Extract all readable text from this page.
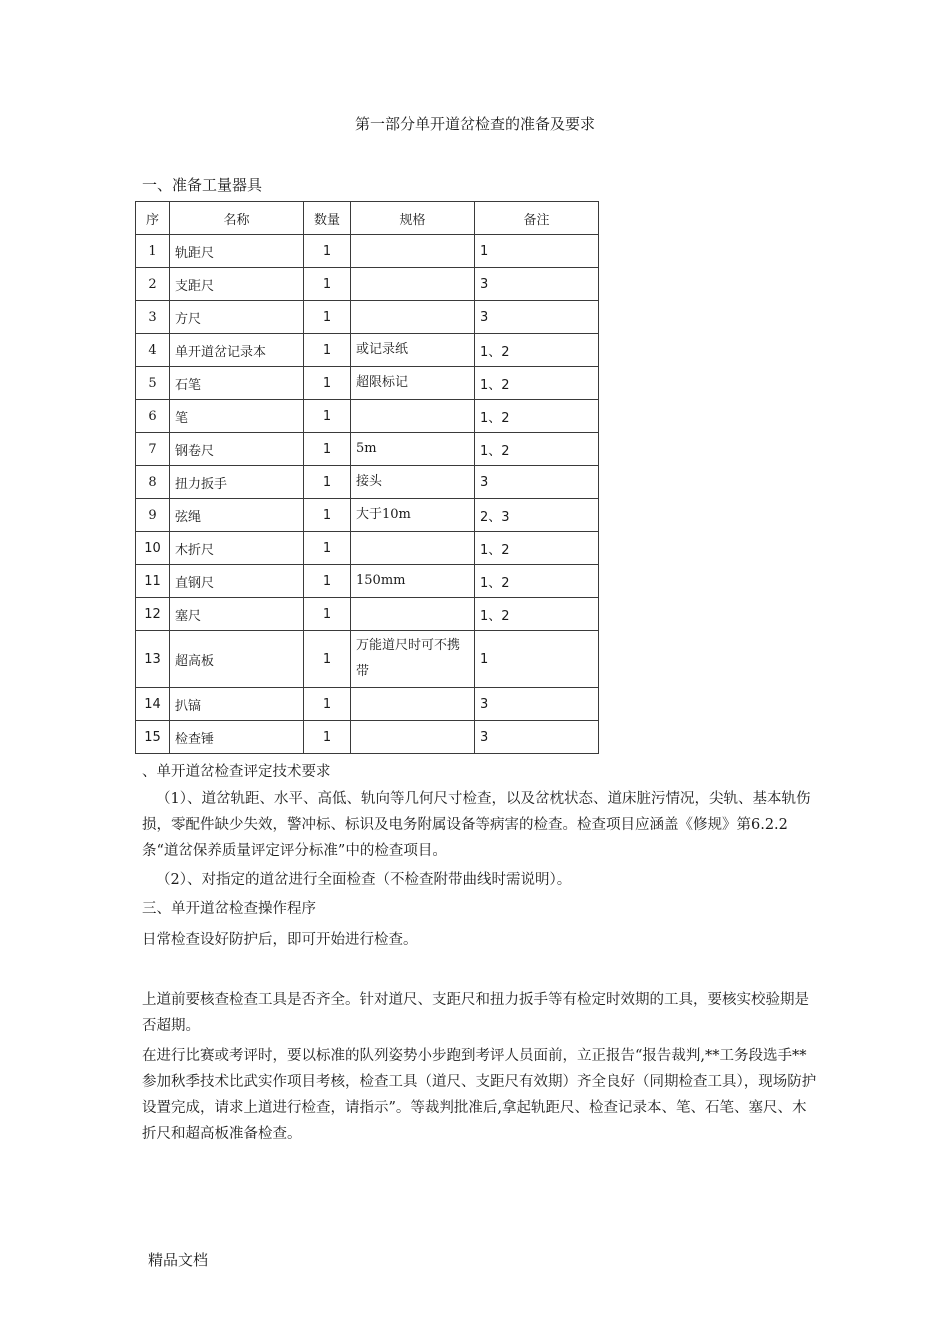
第一部分单开道岔检查的准备及要求
一、准备工量器具
序	名称	数量	规格	备注
1	轨距尺	1		1
2	支距尺	1		3
3	方尺	1		3
4	单开道岔记录本	1	或记录纸	1、2
5	石笔	1	超限标记	1、2
6	笔	1		1、2
7	钢卷尺	1	5m	1、2
8	扭力扳手	1	接头	3
9	弦绳	1	大于10m	2、3
10	木折尺	1		1、2
11	直钢尺	1	150mm	1、2
12	塞尺	1		1、2
13	超高板	1	万能道尺时可不携带	1
14	扒镐	1		3
15	检查锤	1		3
、单开道岔检查评定技术要求
（1）、道岔轨距、水平、高低、轨向等几何尺寸检查，以及岔枕状态、道床脏污情况，尖轨、基本轨伤损，零配件缺少失效，警冲标、标识及电务附属设备等病害的检查。检查项目应涵盖《修规》第6.2.2条“道岔保养质量评定评分标准”中的检查项目。
（2）、对指定的道岔进行全面检查（不检查附带曲线时需说明）。
三、单开道岔检查操作程序
日常检查设好防护后，即可开始进行检查。
上道前要核查检查工具是否齐全。针对道尺、支距尺和扭力扳手等有检定时效期的工具，要核实校验期是否超期。
在进行比赛或考评时，要以标准的队列姿势小步跑到考评人员面前，立正报告“报告裁判,**工务段选手**参加秋季技术比武实作项目考核，检查工具（道尺、支距尺有效期）齐全良好（同期检查工具），现场防护设置完成，请求上道进行检查，请指示”。等裁判批准后,拿起轨距尺、检查记录本、笔、石笔、塞尺、木折尺和超高板准备检查。
精品文档
